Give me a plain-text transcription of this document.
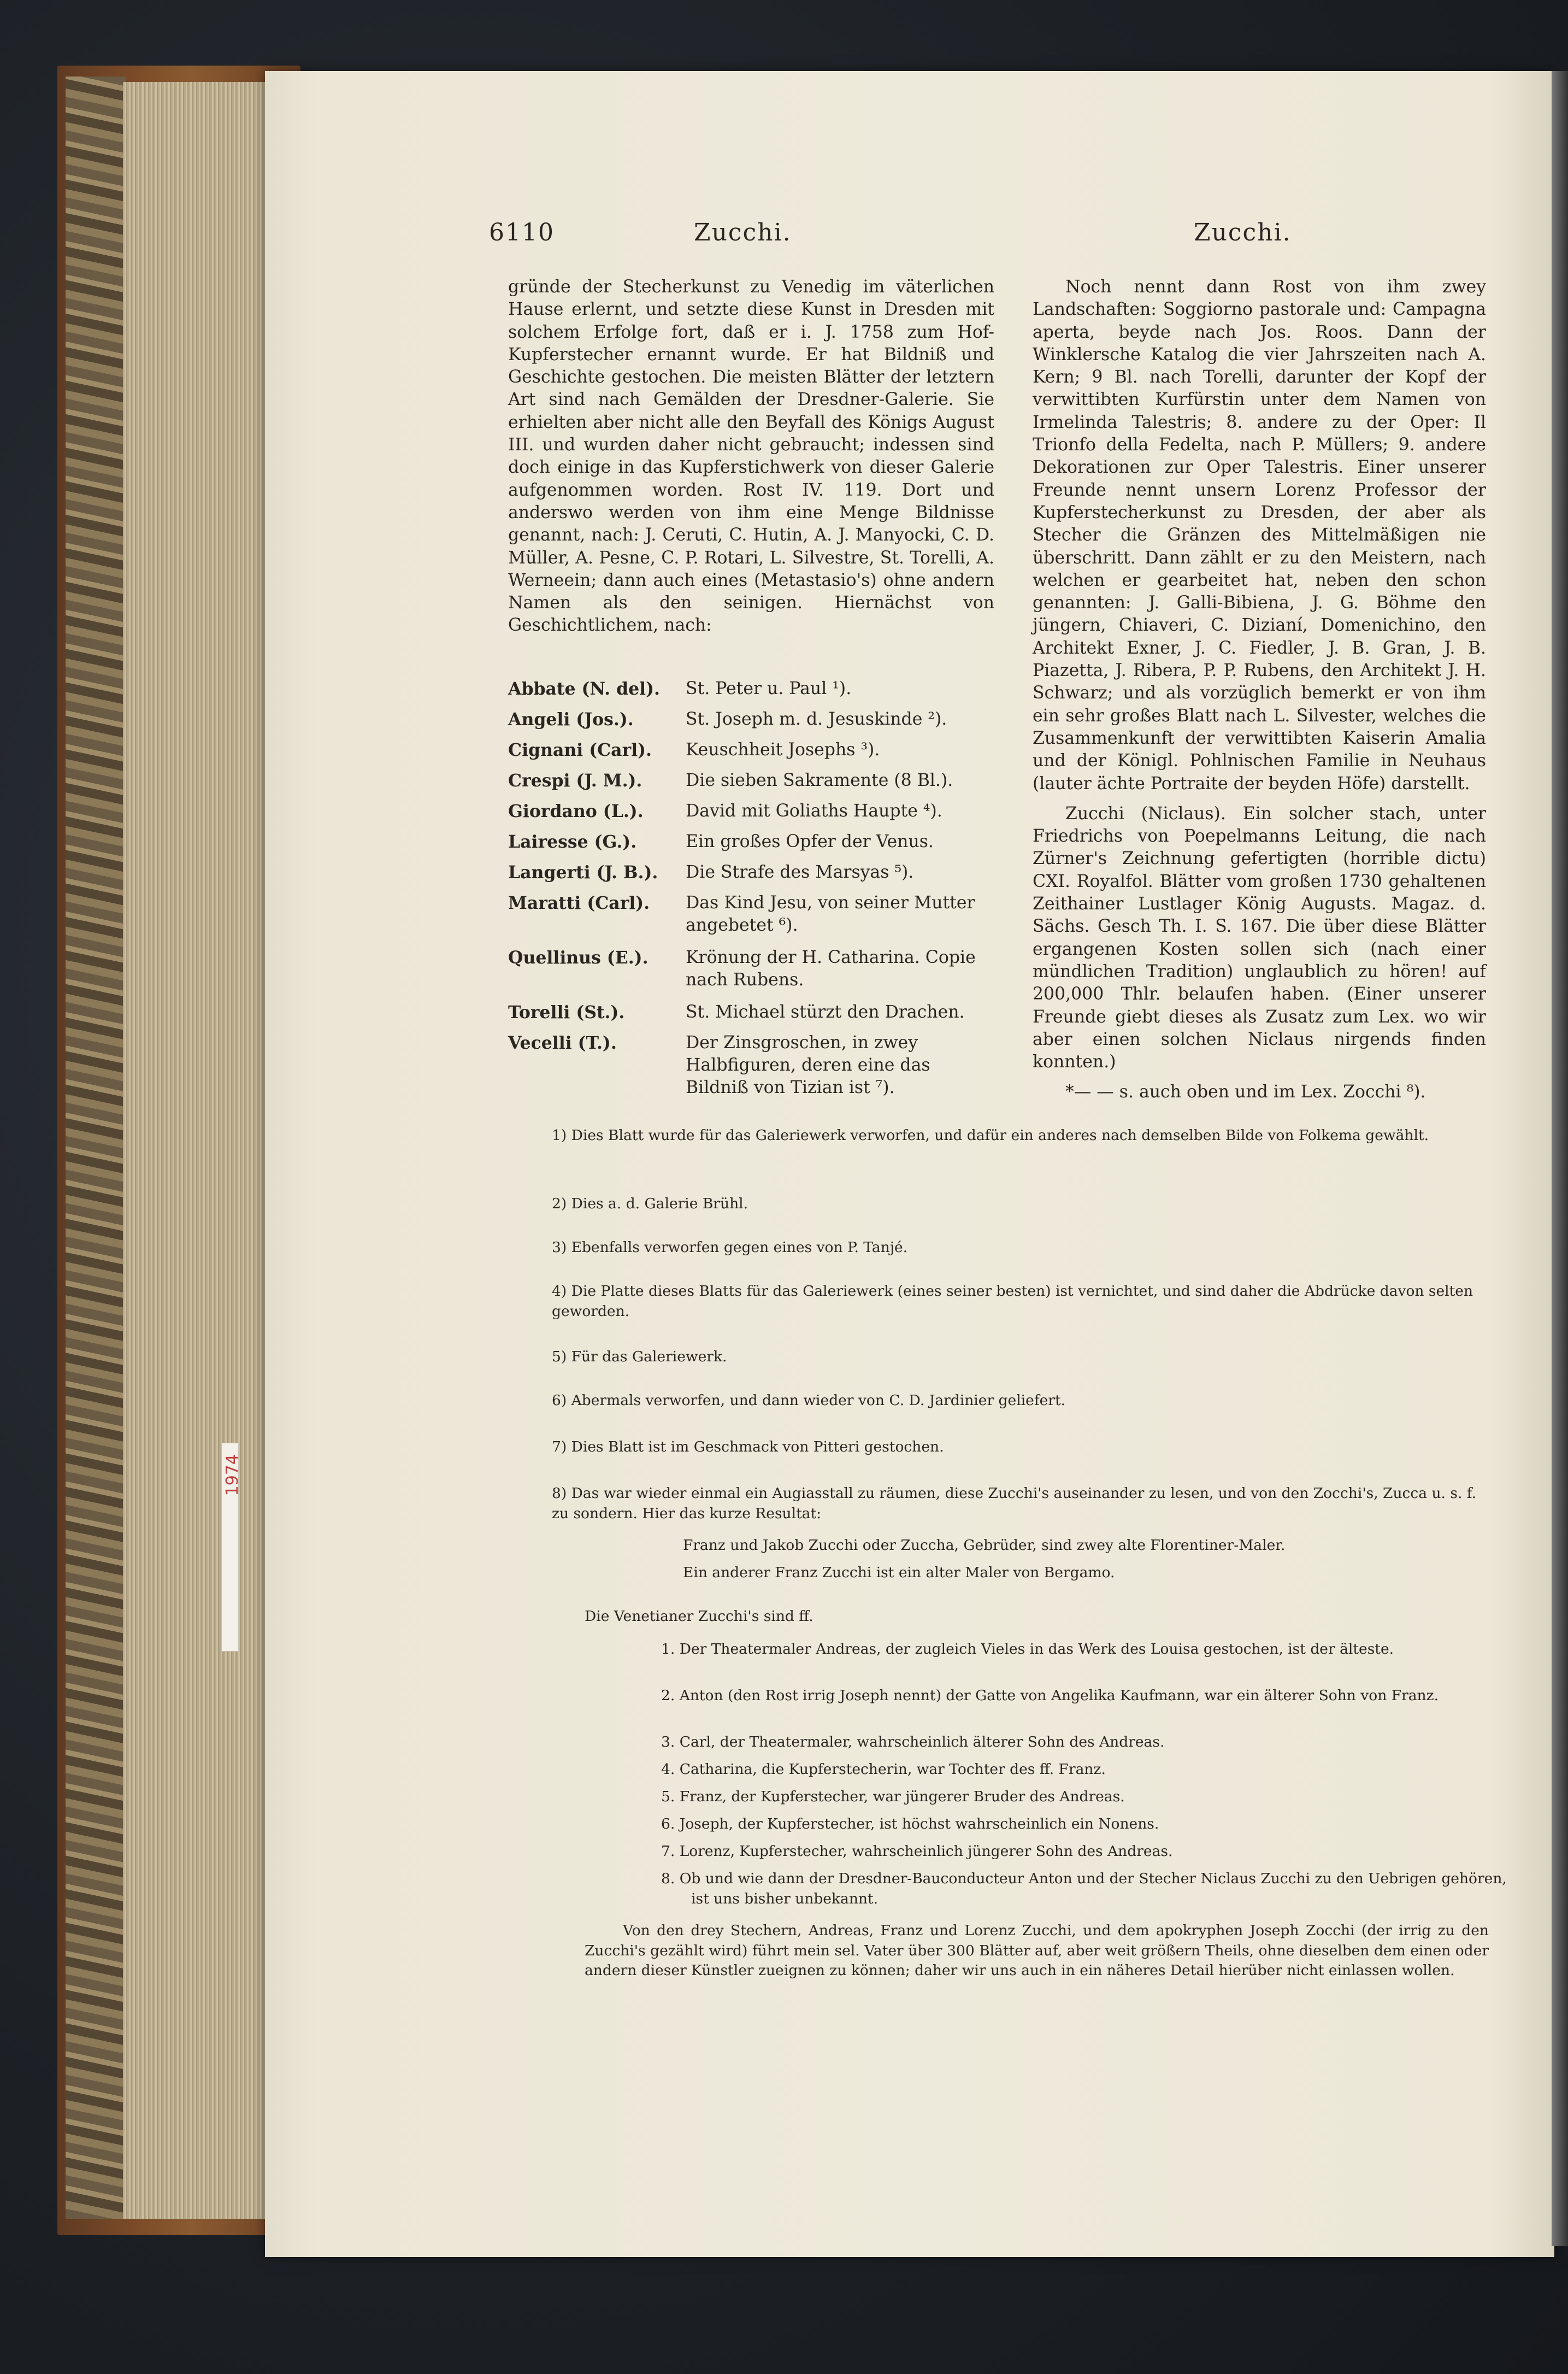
1974
6110	Zucchi.	Zucchi.

gründe der Stecherkunst zu Venedig im väterlichen Hause erlernt, und setzte diese Kunst in Dresden mit solchem Erfolge fort, daß er i. J. 1758 zum Hof-Kupferstecher ernannt wurde. Er hat Bildniß und Geschichte gestochen. Die meisten Blätter der letztern Art sind nach Gemälden der Dresdner-Galerie. Sie erhielten aber nicht alle den Beyfall des Königs August III. und wurden daher nicht gebraucht; indessen sind doch einige in das Kupferstichwerk von dieser Galerie aufgenommen worden. Rost IV. 119. Dort und anderswo werden von ihm eine Menge Bildnisse genannt, nach: J. Ceruti, C. Hutin, A. J. Manyocki, C. D. Müller, A. Pesne, C. P. Rotari, L. Silvestre, St. Torelli, A. Werneein; dann auch eines (Metastasio's) ohne andern Namen als den seinigen. Hiernächst von Geschichtlichem, nach:

Abbate (N. del).	St. Peter u. Paul ¹).
Angeli (Jos.).	St. Joseph m. d. Jesuskinde ²).
Cignani (Carl).	Keuschheit Josephs ³).
Crespi (J. M.).	Die sieben Sakramente (8 Bl.).
Giordano (L.).	David mit Goliaths Haupte ⁴).
Lairesse (G.).	Ein großes Opfer der Venus.
Langerti (J. B.).	Die Strafe des Marsyas ⁵).
Maratti (Carl).	Das Kind Jesu, von seiner Mutter angebetet ⁶).
Quellinus (E.).	Krönung der H. Catharina. Copie nach Rubens.
Torelli (St.).	St. Michael stürzt den Drachen.
Vecelli (T.).	Der Zinsgroschen, in zwey Halbfiguren, deren eine das Bildniß von Tizian ist ⁷).

Noch nennt dann Rost von ihm zwey Landschaften: Soggiorno pastorale und: Campagna aperta, beyde nach Jos. Roos. Dann der Winklersche Katalog die vier Jahrszeiten nach A. Kern; 9 Bl. nach Torelli, darunter der Kopf der verwittibten Kurfürstin unter dem Namen von Irmelinda Talestris; 8. andere zu der Oper: Il Trionfo della Fedelta, nach P. Müllers; 9. andere Dekorationen zur Oper Talestris. Einer unserer Freunde nennt unsern Lorenz Professor der Kupferstecherkunst zu Dresden, der aber als Stecher die Gränzen des Mittelmäßigen nie überschritt. Dann zählt er zu den Meistern, nach welchen er gearbeitet hat, neben den schon genannten: J. Galli-Bibiena, J. G. Böhme den jüngern, Chiaveri, C. Dizianí, Domenichino, den Architekt Exner, J. C. Fiedler, J. B. Gran, J. B. Piazetta, J. Ribera, P. P. Rubens, den Architekt J. H. Schwarz; und als vorzüglich bemerkt er von ihm ein sehr großes Blatt nach L. Silvester, welches die Zusammenkunft der verwittibten Kaiserin Amalia und der Königl. Pohlnischen Familie in Neuhaus (lauter ächte Portraite der beyden Höfe) darstellt.

Zucchi (Niclaus). Ein solcher stach, unter Friedrichs von Poepelmanns Leitung, die nach Zürner's Zeichnung gefertigten (horrible dictu) CXI. Royalfol. Blätter vom großen 1730 gehaltenen Zeithainer Lustlager König Augusts. Magaz. d. Sächs. Gesch Th. I. S. 167. Die über diese Blätter ergangenen Kosten sollen sich (nach einer mündlichen Tradition) unglaublich zu hören! auf 200,000 Thlr. belaufen haben. (Einer unserer Freunde giebt dieses als Zusatz zum Lex. wo wir aber einen solchen Niclaus nirgends finden konnten.)

*— — s. auch oben und im Lex. Zocchi ⁸).

1) Dies Blatt wurde für das Galeriewerk verworfen, und dafür ein anderes nach demselben Bilde von Folkema gewählt.
2) Dies a. d. Galerie Brühl.
3) Ebenfalls verworfen gegen eines von P. Tanjé.
4) Die Platte dieses Blatts für das Galeriewerk (eines seiner besten) ist vernichtet, und sind daher die Abdrücke davon selten geworden.
5) Für das Galeriewerk.
6) Abermals verworfen, und dann wieder von C. D. Jardinier geliefert.
7) Dies Blatt ist im Geschmack von Pitteri gestochen.
8) Das war wieder einmal ein Augiasstall zu räumen, diese Zucchi's auseinander zu lesen, und von den Zocchi's, Zucca u. s. f. zu sondern. Hier das kurze Resultat:
Franz und Jakob Zucchi oder Zuccha, Gebrüder, sind zwey alte Florentiner-Maler.
Ein anderer Franz Zucchi ist ein alter Maler von Bergamo.
Die Venetianer Zucchi's sind ff.
1. Der Theatermaler Andreas, der zugleich Vieles in das Werk des Louisa gestochen, ist der älteste.
2. Anton (den Rost irrig Joseph nennt) der Gatte von Angelika Kaufmann, war ein älterer Sohn von Franz.
3. Carl, der Theatermaler, wahrscheinlich älterer Sohn des Andreas.
4. Catharina, die Kupferstecherin, war Tochter des ff. Franz.
5. Franz, der Kupferstecher, war jüngerer Bruder des Andreas.
6. Joseph, der Kupferstecher, ist höchst wahrscheinlich ein Nonens.
7. Lorenz, Kupferstecher, wahrscheinlich jüngerer Sohn des Andreas.
8. Ob und wie dann der Dresdner-Bauconducteur Anton und der Stecher Niclaus Zucchi zu den Uebrigen gehören, ist uns bisher unbekannt.
Von den drey Stechern, Andreas, Franz und Lorenz Zucchi, und dem apokryphen Joseph Zocchi (der irrig zu den Zucchi's gezählt wird) führt mein sel. Vater über 300 Blätter auf, aber weit größern Theils, ohne dieselben dem einen oder andern dieser Künstler zueignen zu können; daher wir uns auch in ein näheres Detail hierüber nicht einlassen wollen.
